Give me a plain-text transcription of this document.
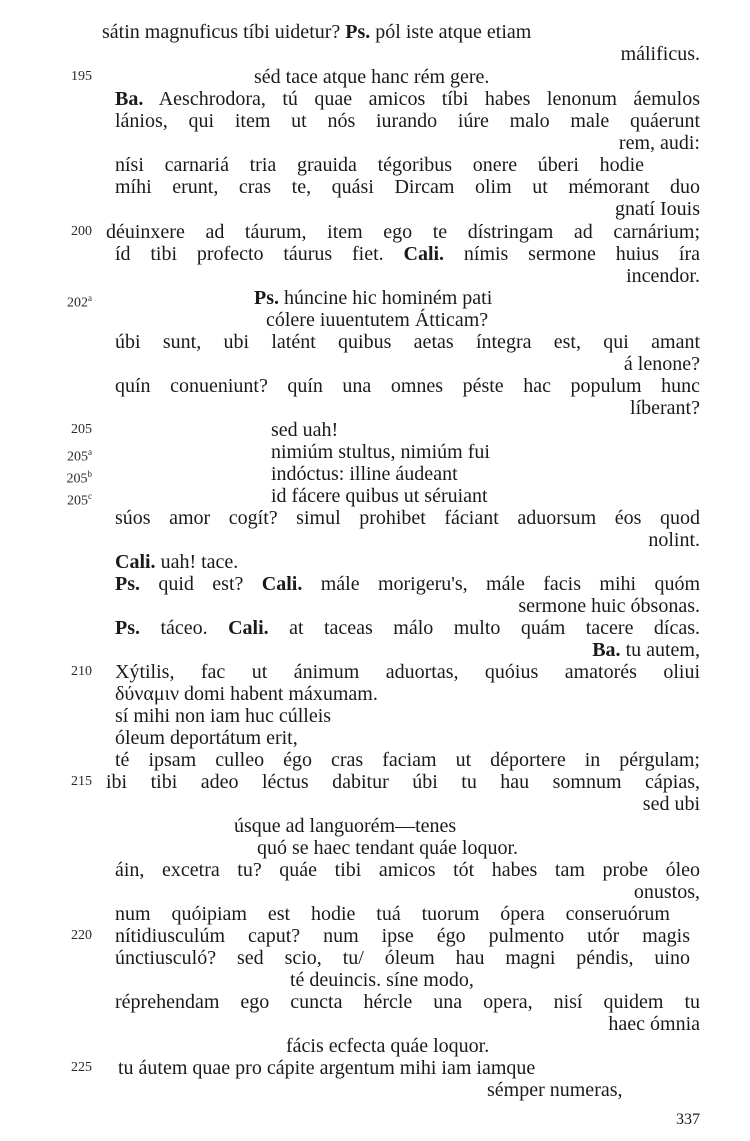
sátin magnuficus tíbi uidetur? Ps. pól iste atque etiam
málificus.
195	séd tace atque hanc rém gere.
Ba. Aeschrodora, tú quae amicos tíbi habes lenonum áemulos
lánios, qui item ut nós iurando iúre malo male quáerunt
rem, audi:
nísi carnariá tria grauida tégoribus onere úberi hodie
míhi erunt, cras te, quási Dircam olim ut mémorant duo
gnatí Iouis
200 déuinxere ad táurum, item ego te dístringam ad carnárium;
íd tibi profecto táurus fiet. Cali. nímis sermone huius íra
incendor.
202$^a$	Ps. húncine hic hominém pati
cólere iuuentutem Átticam?
úbi sunt, ubi latént quibus aetas íntegra est, qui amant
á lenone?
quín conueniunt? quín una omnes péste hac populum hunc
líberant?
205	sed uah!
205$^a$	nimiúm stultus, nimiúm fui
205$^b$	indóctus: illine áudeant
205$^c$	id fácere quibus ut séruiant
súos amor cogít? simul prohibet fáciant aduorsum éos quod
nolint.
Cali. uah! tace.
Ps. quid est? Cali. mále morigeru's, mále facis mihi quóm
sermone huic óbsonas.
Ps. táceo. Cali. at taceas málo multo quám tacere dícas.
Ba. tu autem,
210 Xýtilis, fac ut ánimum aduortas, quóius amatorés oliui
δύναμιν domi habent máxumam.
sí mihi non iam huc cúlleis
óleum deportátum erit,
té ipsam culleo égo cras faciam ut déportere in pérgulam;
215 ibi tibi adeo léctus dabitur úbi tu hau somnum cápias,
sed ubi
úsque ad languorém—tenes
quó se haec tendant quáe loquor.
áin, excetra tu? quáe tibi amicos tót habes tam probe óleo
onustos,
num quóipiam est hodie tuá tuorum ópera conseruórum
220 nítidiusculúm caput? num ipse égo pulmento utór magis
únctiusculó? sed scio, tu/ óleum hau magni péndis, uino
té deuincis. síne modo,
réprehendam ego cuncta hércle una opera, nisí quidem tu
haec ómnia
fácis ecfecta quáe loquor.
225 tu áutem quae pro cápite argentum mihi iam iamque
sémper numeras,
337
